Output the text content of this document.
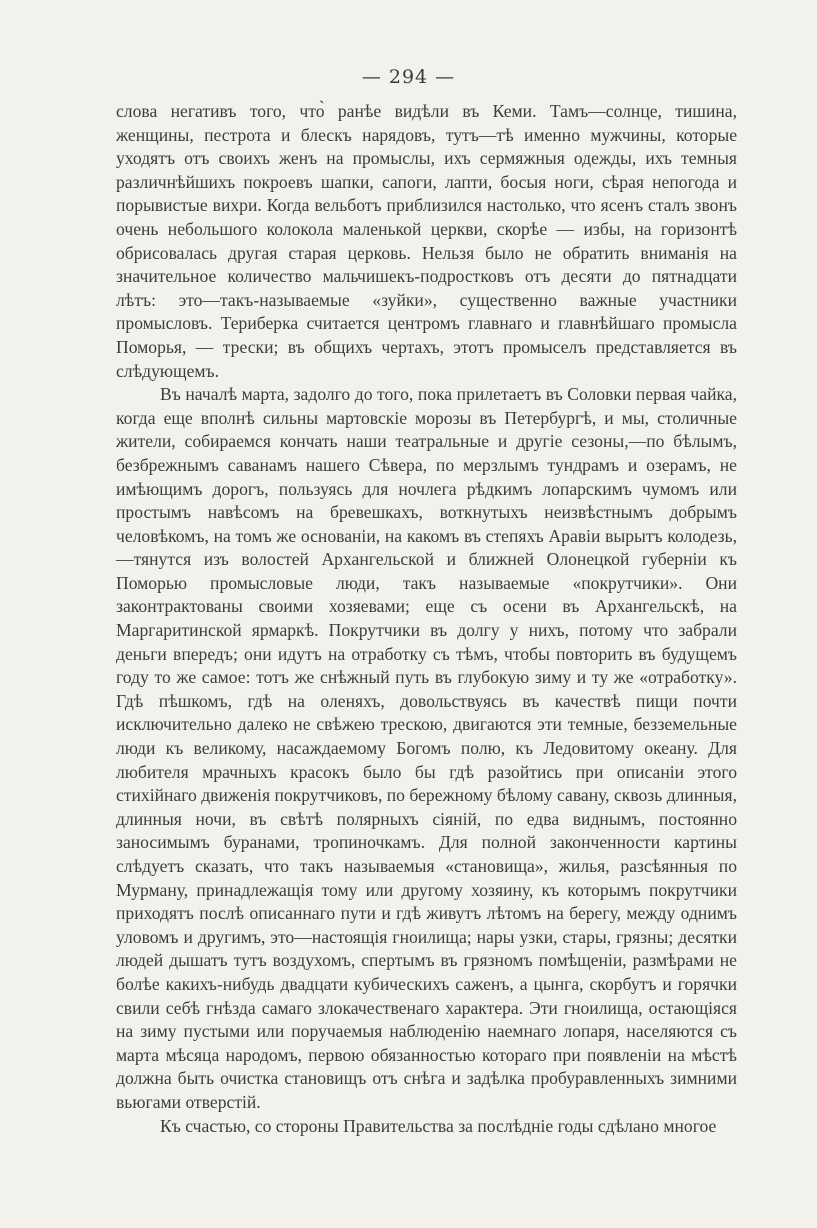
— 294 —

слова негативъ того, что̀ ранѣе видѣли въ Кеми. Тамъ—солнце, тишина, женщины, пестрота и блескъ нарядовъ, тутъ—тѣ именно мужчины, которые уходятъ отъ своихъ женъ на промыслы, ихъ сермяжныя одежды, ихъ темныя различнѣйшихъ покроевъ шапки, сапоги, лапти, босыя ноги, сѣрая непогода и порывистые вихри. Когда вельботъ приблизился настолько, что ясенъ сталъ звонъ очень небольшого колокола маленькой церкви, скорѣе — избы, на горизонтѣ обрисовалась другая старая церковь. Нельзя было не обратить вниманія на значительное количество мальчишекъ-подростковъ отъ десяти до пятнадцати лѣтъ: это—такъ-называемые «зуйки», существенно важные участники промысловъ. Териберка считается центромъ главнаго и главнѣйшаго промысла Поморья, — трески; въ общихъ чертахъ, этотъ промыселъ представляется въ слѣдующемъ.

Въ началѣ марта, задолго до того, пока прилетаетъ въ Соловки первая чайка, когда еще вполнѣ сильны мартовскіе морозы въ Петербургѣ, и мы, столичные жители, собираемся кончать наши театральные и другіе сезоны,—по бѣлымъ, безбрежнымъ саванамъ нашего Сѣвера, по мерзлымъ тундрамъ и озерамъ, не имѣющимъ дорогъ, пользуясь для ночлега рѣдкимъ лопарскимъ чумомъ или простымъ навѣсомъ на бревешкахъ, воткнутыхъ неизвѣстнымъ добрымъ человѣкомъ, на томъ же основаніи, на какомъ въ степяхъ Аравіи вырытъ колодезь,—тянутся изъ волостей Архангельской и ближней Олонецкой губерніи къ Поморью промысловые люди, такъ называемые «покрутчики». Они законтрактованы своими хозяевами; еще съ осени въ Архангельскѣ, на Маргаритинской ярмаркѣ. Покрутчики въ долгу у нихъ, потому что забрали деньги впередъ; они идутъ на отработку съ тѣмъ, чтобы повторить въ будущемъ году то же самое: тотъ же снѣжный путь въ глубокую зиму и ту же «отработку». Гдѣ пѣшкомъ, гдѣ на оленяхъ, довольствуясь въ качествѣ пищи почти исключительно далеко не свѣжею трескою, двигаются эти темные, безземельные люди къ великому, насаждаемому Богомъ полю, къ Ледовитому океану. Для любителя мрачныхъ красокъ было бы гдѣ разойтись при описаніи этого стихійнаго движенія покрутчиковъ, по бережному бѣлому савану, сквозь длинныя, длинныя ночи, въ свѣтѣ полярныхъ сіяній, по едва виднымъ, постоянно заносимымъ буранами, тропиночкамъ. Для полной законченности картины слѣдуетъ сказать, что такъ называемыя «становища», жилья, разсѣянныя по Мурману, принадлежащія тому или другому хозяину, къ которымъ покрутчики приходятъ послѣ описаннаго пути и гдѣ живутъ лѣтомъ на берегу, между однимъ уловомъ и другимъ, это—настоящія гноилища; нары узки, стары, грязны; десятки людей дышатъ тутъ воздухомъ, спертымъ въ грязномъ помѣщеніи, размѣрами не болѣе какихъ-нибудь двадцати кубическихъ саженъ, а цынга, скорбутъ и горячки свили себѣ гнѣзда самаго злокачественаго характера. Эти гноилища, остающіяся на зиму пустыми или поручаемыя наблюденію наемнаго лопаря, населяются съ марта мѣсяца народомъ, первою обязанностью котораго при появленіи на мѣстѣ должна быть очистка становищъ отъ снѣга и задѣлка пробуравленныхъ зимними вьюгами отверстій.

Къ счастью, со стороны Правительства за послѣдніе годы сдѣлано многое
